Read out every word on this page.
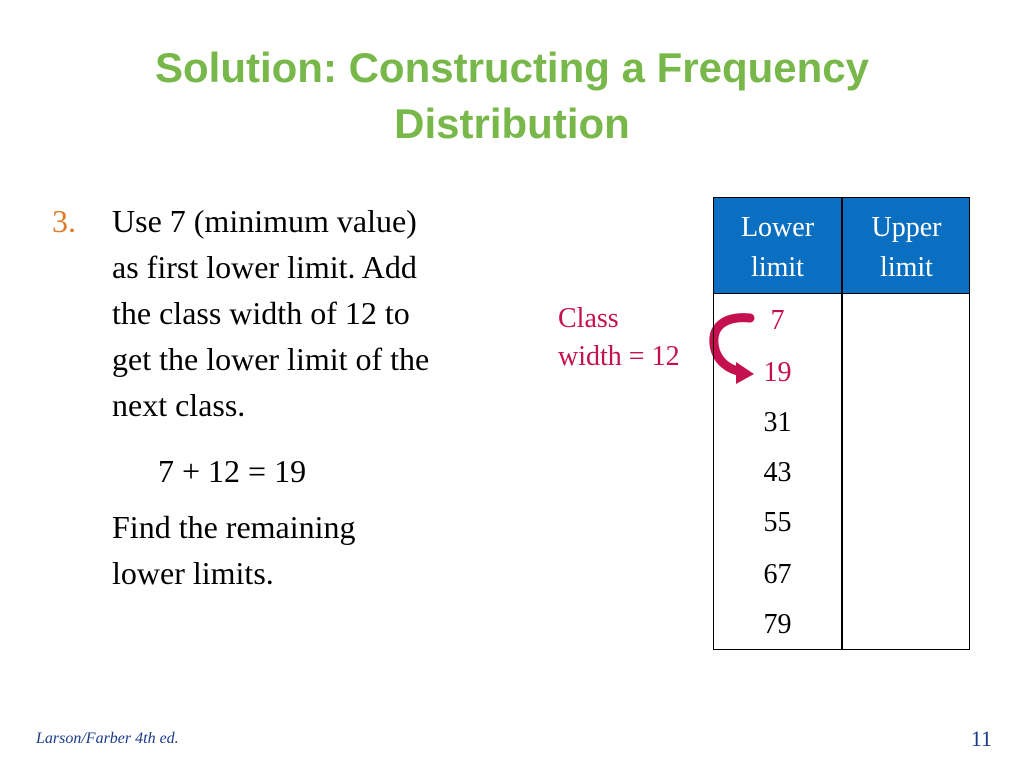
Solution: Constructing a Frequency
Distribution
3. Use 7 (minimum value)
as first lower limit. Add
the class width of 12 to
get the lower limit of the
next class.
7 + 12 = 19
Find the remaining
lower limits.
Class
width = 12
Lower
limit
Upper
limit
7
19
31
43
55
67
79
Larson/Farber 4th ed.	11
